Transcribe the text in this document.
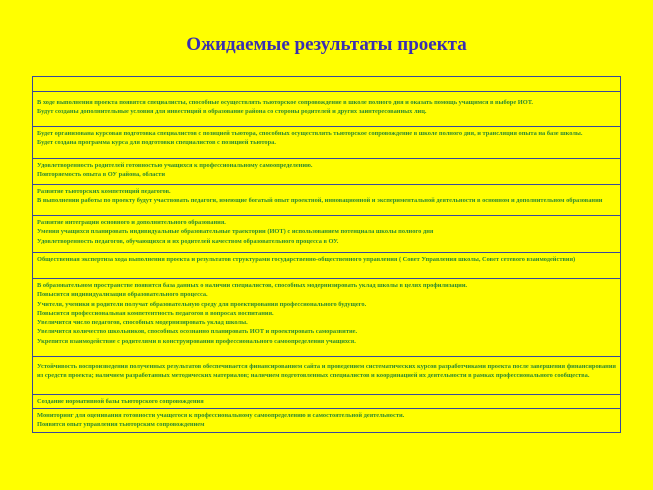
Ожидаемые результаты проекта
В ходе выполнения проекта появятся специалисты, способные осуществлять тьюторское сопровождение в школе полного дня и оказать помощь учащимся в выборе ИОТ.
Будут созданы дополнительные условия для инвестиций в образование района со стороны родителей и других заинтересованных лиц.
Будет организована курсовая подготовка специалистов с позицией тьютора, способных осуществлять тьюторское сопровождение в школе полного дня, и трансляция опыта на базе школы.
Будет создана программа курса для подготовки специалистов с позицией тьютора.
Удовлетворенность родителей готовностью учащихся к профессиональному самоопределению.
Повторяемость опыта в ОУ района, области
Развитие тьюторских компетенций педагогов.
В выполнении работы по проекту будут участвовать педагоги, имеющие богатый опыт проектной, инновационной и экспериментальной деятельности в основном и дополнительном образовании
Развитие интеграции основного и дополнительного образования.
Умения учащихся планировать индивидуальные образовательные траектории (ИОТ) с использованием потенциала школы полного дня
Удовлетворенность педагогов, обучающихся и их родителей качеством образовательного процесса в ОУ.
Общественная экспертиза хода выполнения проекта и результатов структурами государственно-общественного управления ( Совет Управления школы, Совет сетевого взаимодействия)
В образовательном пространстве появится база данных о наличии специалистов, способных модернизировать уклад школы в целях профилизации.
Повысится индивидуализация образовательного процесса.
Учителя, ученики и родители получат образовательную среду для проектирования профессионального будущего.
Повысится профессиональная компетентность педагогов в вопросах воспитания.
Увеличится число педагогов, способных модернизировать уклад школы.
Увеличится количество школьников, способных осознанно планировать ИОТ и проектировать саморазвитие.
Укрепится взаимодействие с родителями в конструировании профессионального самоопределения учащихся.
Устойчивость воспроизведения полученных результатов обеспечивается финансированием сайта и проведением систематических курсов разработчиками проекта после завершения финансирования из средств проекта; наличием разработанных методических материалов; наличием подготовленных специалистов и координацией их деятельности в рамках профессионального сообщества.
Создание нормативной базы тьюторского сопровождения
Мониторинг для оценивания готовности учащегося к профессиональному самоопределению и самостоятельной деятельности.
Появится опыт управления тьюторским сопровождением
